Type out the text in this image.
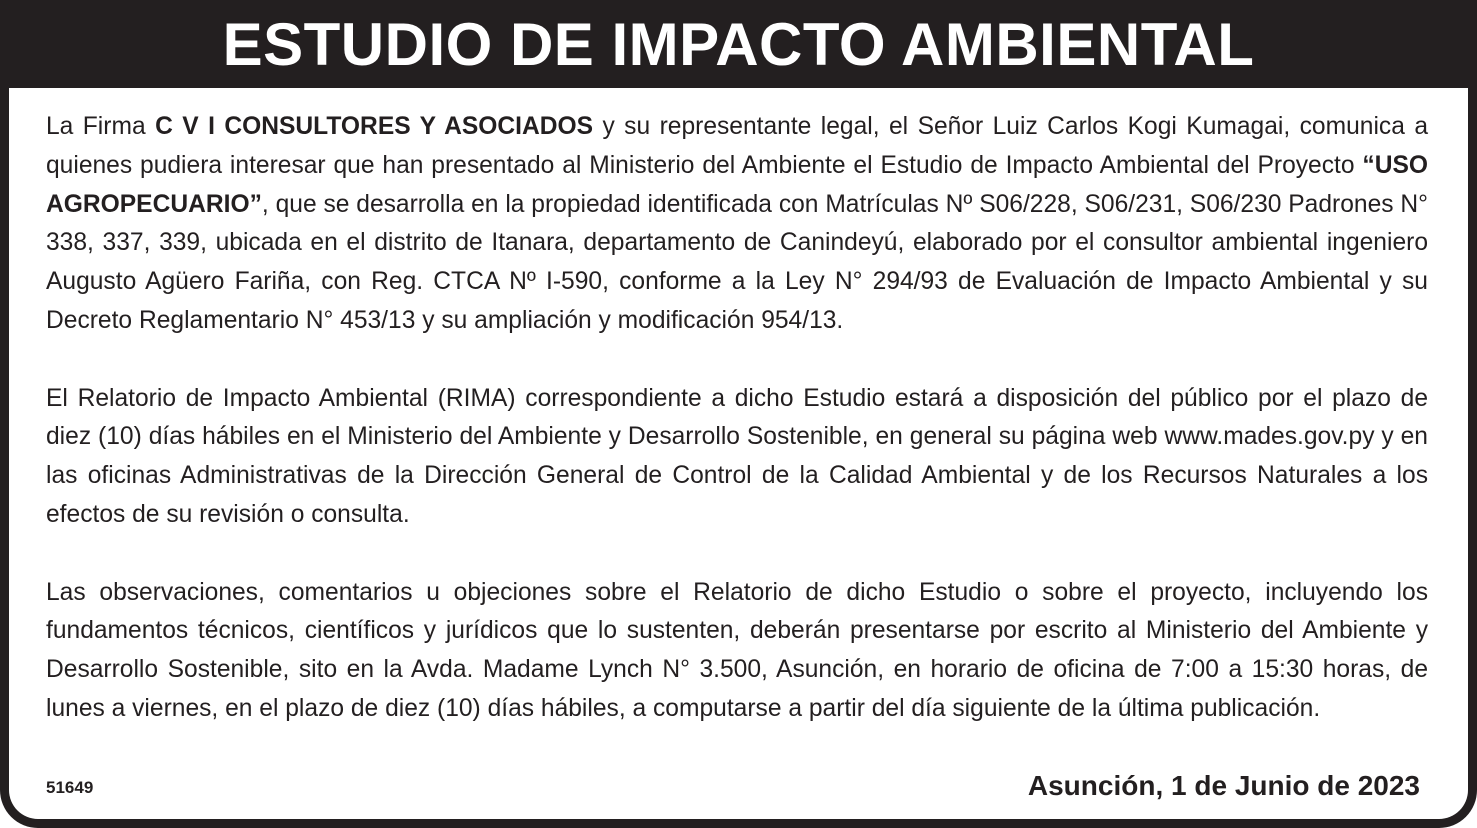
ESTUDIO DE IMPACTO AMBIENTAL

La Firma C V I CONSULTORES Y ASOCIADOS y su representante legal, el Señor Luiz Carlos Kogi Kumagai, comunica a quienes pudiera interesar que han presentado al Ministerio del Ambiente el Estudio de Impacto Ambiental del Proyecto “USO AGROPECUARIO”, que se desarrolla en la propiedad identificada con Matrículas Nº S06/228, S06/231, S06/230 Padrones N° 338, 337, 339, ubicada en el distrito de Itanara, departamento de Canindeyú, elaborado por el consultor ambiental ingeniero Augusto Agüero Fariña, con Reg. CTCA Nº I-590, conforme a la Ley N° 294/93 de Evaluación de Impacto Ambiental y su Decreto Reglamentario N° 453/13 y su ampliación y modificación 954/13.

El Relatorio de Impacto Ambiental (RIMA) correspondiente a dicho Estudio estará a disposición del público por el plazo de diez (10) días hábiles en el Ministerio del Ambiente y Desarrollo Sostenible, en general su página web www.mades.gov.py y en las oficinas Administrativas de la Dirección General de Control de la Calidad Ambiental y de los Recursos Naturales a los efectos de su revisión o consulta.

Las observaciones, comentarios u objeciones sobre el Relatorio de dicho Estudio o sobre el proyecto, incluyendo los fundamentos técnicos, científicos y jurídicos que lo sustenten, deberán presentarse por escrito al Ministerio del Ambiente y Desarrollo Sostenible, sito en la Avda. Madame Lynch N° 3.500, Asunción, en horario de oficina de 7:00 a 15:30 horas, de lunes a viernes, en el plazo de diez (10) días hábiles, a computarse a partir del día siguiente de la última publicación.

51649	Asunción, 1 de Junio de 2023
